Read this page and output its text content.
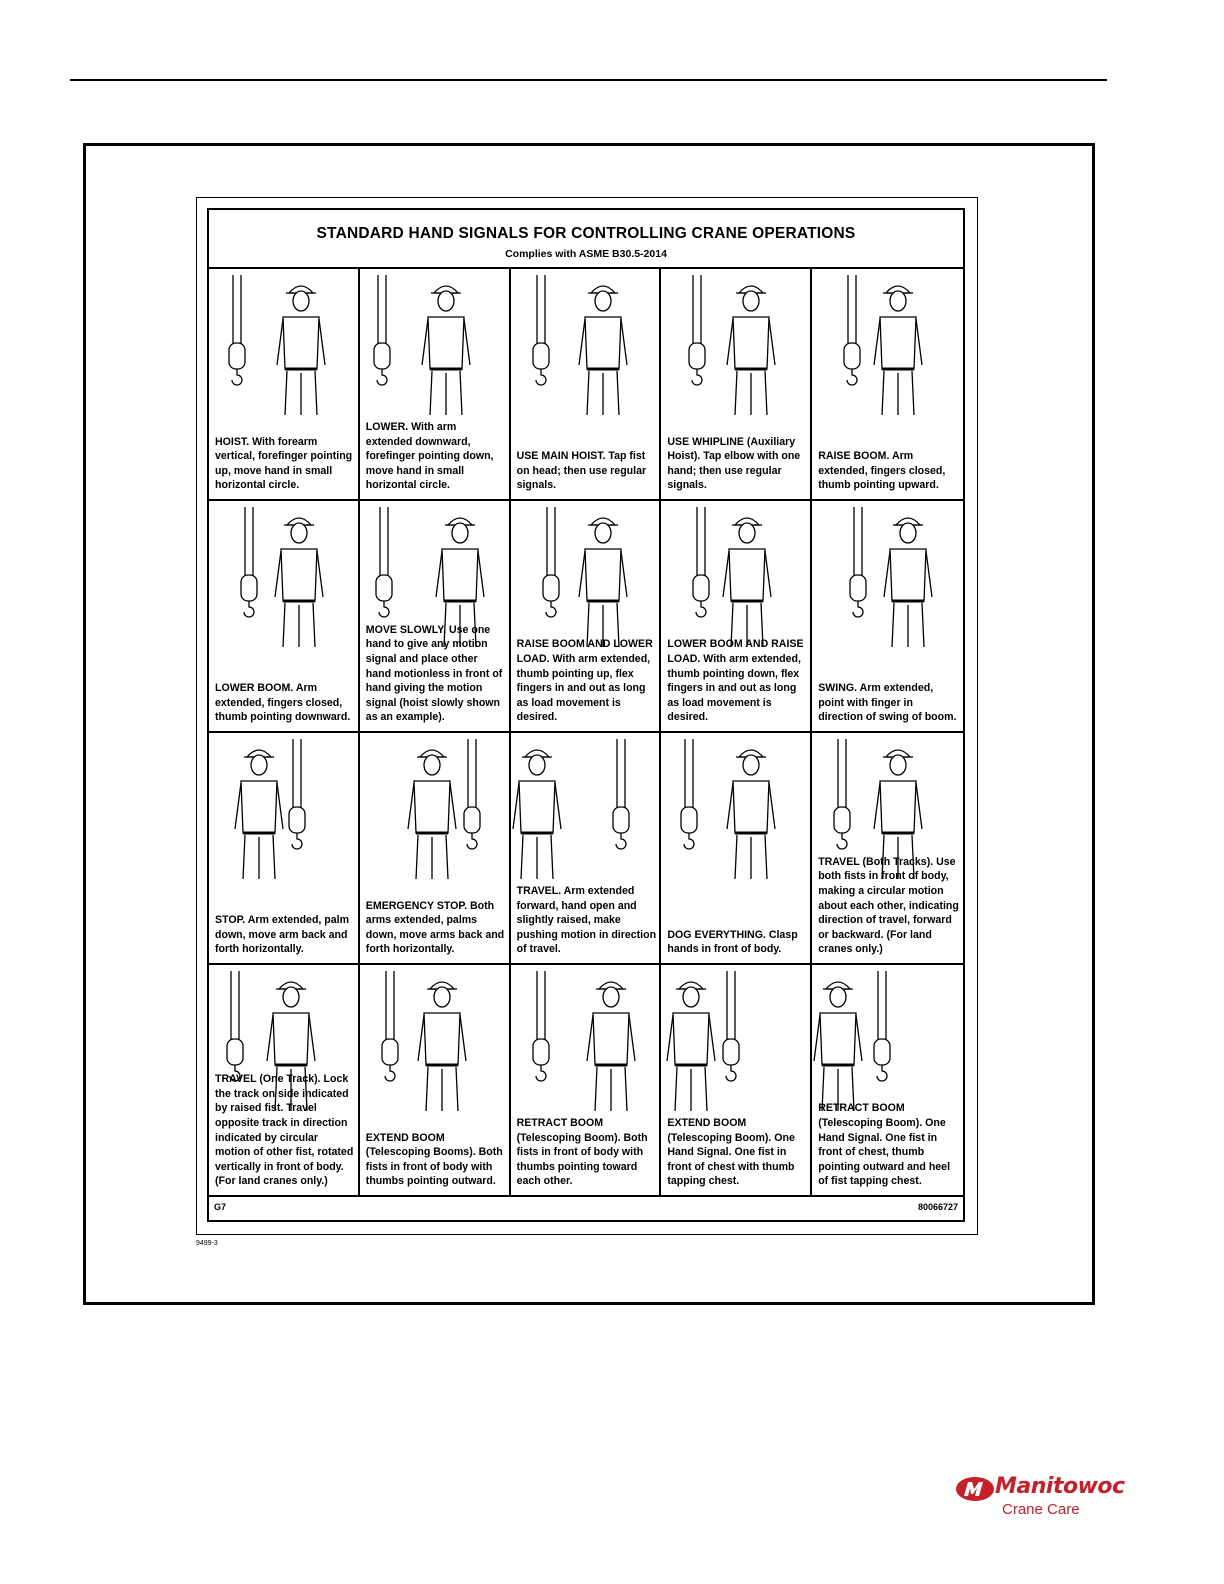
STANDARD HAND SIGNALS FOR CONTROLLING CRANE OPERATIONS
Complies with ASME B30.5-2014
HOIST. With forearm vertical, forefinger pointing up, move hand in small horizontal circle.
LOWER. With arm extended downward, forefinger pointing down, move hand in small horizontal circle.
USE MAIN HOIST. Tap fist on head; then use regular signals.
USE WHIPLINE (Auxiliary Hoist). Tap elbow with one hand; then use regular signals.
RAISE BOOM. Arm extended, fingers closed, thumb pointing upward.
LOWER BOOM. Arm extended, fingers closed, thumb pointing downward.
MOVE SLOWLY. Use one hand to give any motion signal and place other hand motionless in front of hand giving the motion signal (hoist slowly shown as an example).
RAISE BOOM AND LOWER LOAD. With arm extended, thumb pointing up, flex fingers in and out as long as load movement is desired.
LOWER BOOM AND RAISE LOAD. With arm extended, thumb pointing down, flex fingers in and out as long as load movement is desired.
SWING. Arm extended, point with finger in direction of swing of boom.
STOP. Arm extended, palm down, move arm back and forth horizontally.
EMERGENCY STOP. Both arms extended, palms down, move arms back and forth horizontally.
TRAVEL. Arm extended forward, hand open and slightly raised, make pushing motion in direction of travel.
DOG EVERYTHING. Clasp hands in front of body.
TRAVEL (Both Tracks). Use both fists in front of body, making a circular motion about each other, indicating direction of travel, forward or backward. (For land cranes only.)
TRAVEL (One Track). Lock the track on side indicated by raised fist. Travel opposite track in direction indicated by circular motion of other fist, rotated vertically in front of body. (For land cranes only.)
EXTEND BOOM (Telescoping Booms). Both fists in front of body with thumbs pointing outward.
RETRACT BOOM (Telescoping Boom). Both fists in front of body with thumbs pointing toward each other.
EXTEND BOOM (Telescoping Boom). One Hand Signal. One fist in front of chest with thumb tapping chest.
RETRACT BOOM (Telescoping Boom). One Hand Signal. One fist in front of chest, thumb pointing outward and heel of fist tapping chest.
G7	80066727
9499-3
Manitowoc
Crane Care
